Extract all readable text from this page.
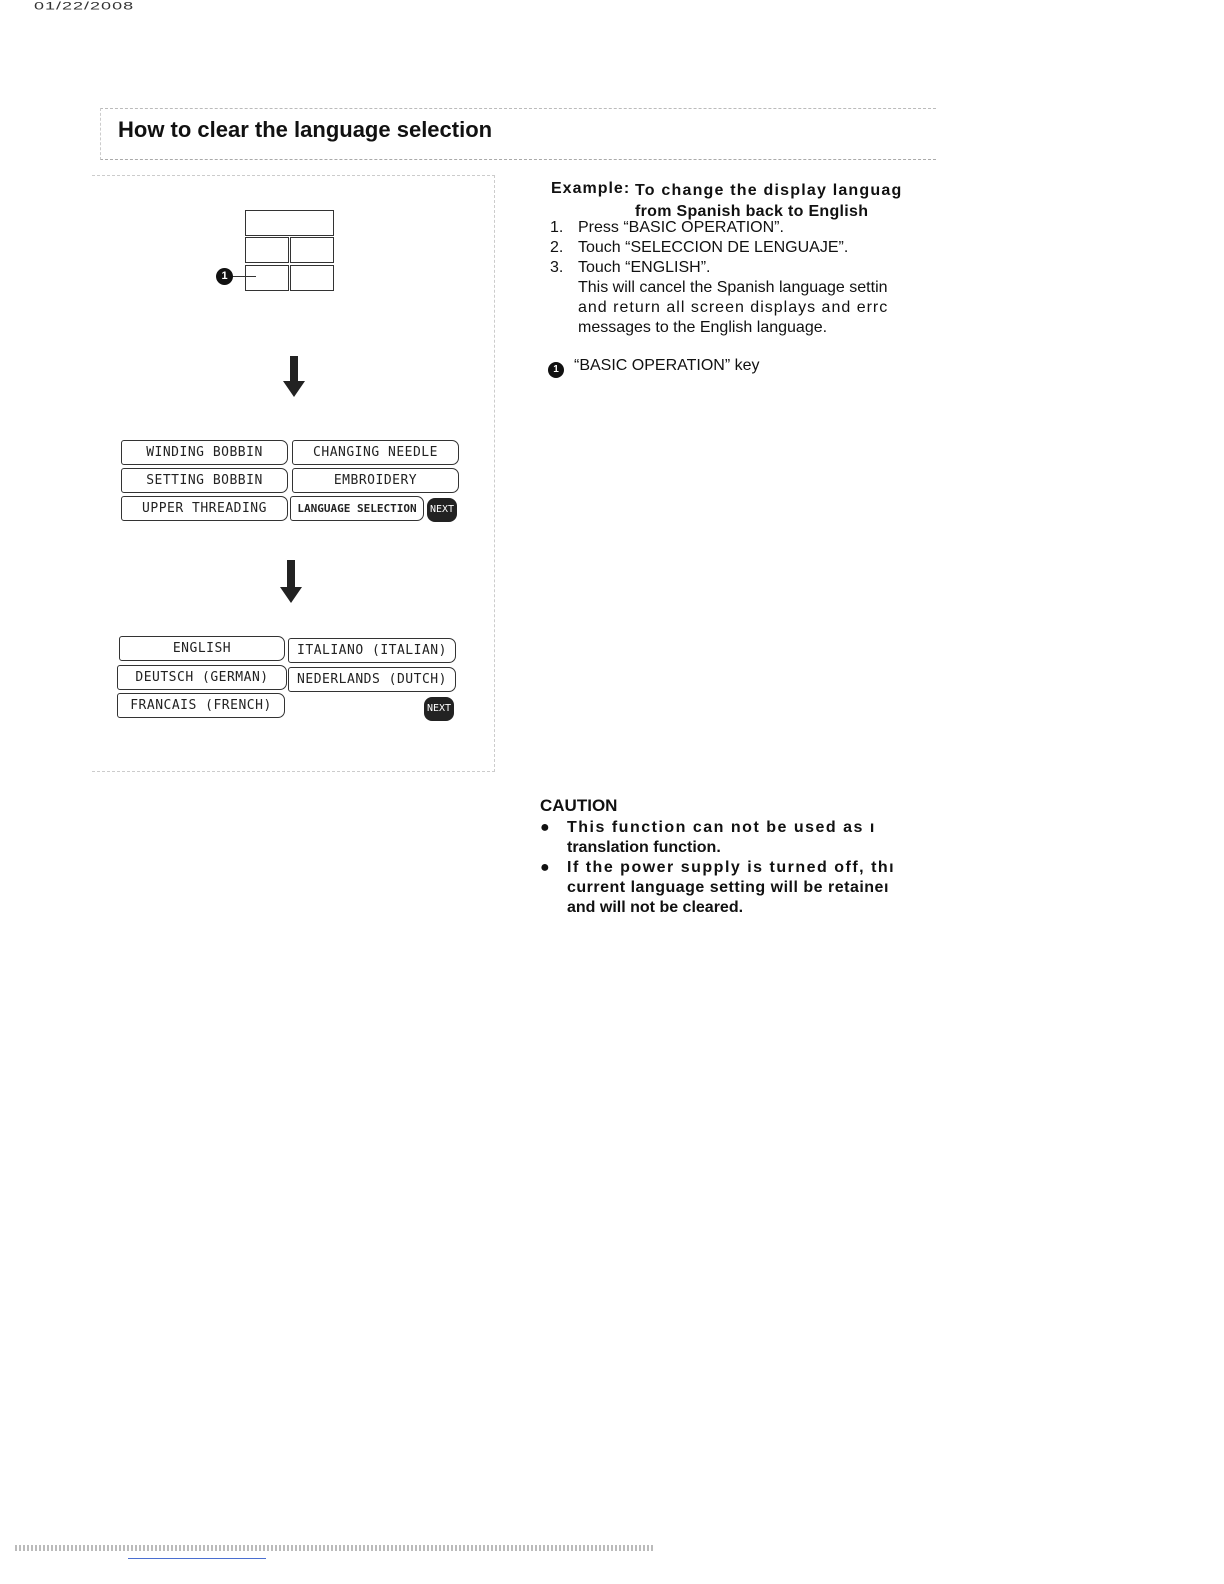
01/22/2008
How to clear the language selection
1
WINDING BOBBIN	CHANGING NEEDLE
SETTING BOBBIN	EMBROIDERY
UPPER THREADING	LANGUAGE SELECTION	NEXT
ENGLISH	ITALIANO (ITALIAN)
DEUTSCH (GERMAN)	NEDERLANDS (DUTCH)
FRANCAIS (FRENCH)	NEXT
Example: To change the display languag
from Spanish back to English
1. Press “BASIC OPERATION”.
2. Touch “SELECCION DE LENGUAJE”.
3. Touch “ENGLISH”.
This will cancel the Spanish language settin
and return all screen displays and errc
messages to the English language.
1 “BASIC OPERATION” key
CAUTION
● This function can not be used as ı
translation function.
● If the power supply is turned off, thı
current language setting will be retaineı
and will not be cleared.
